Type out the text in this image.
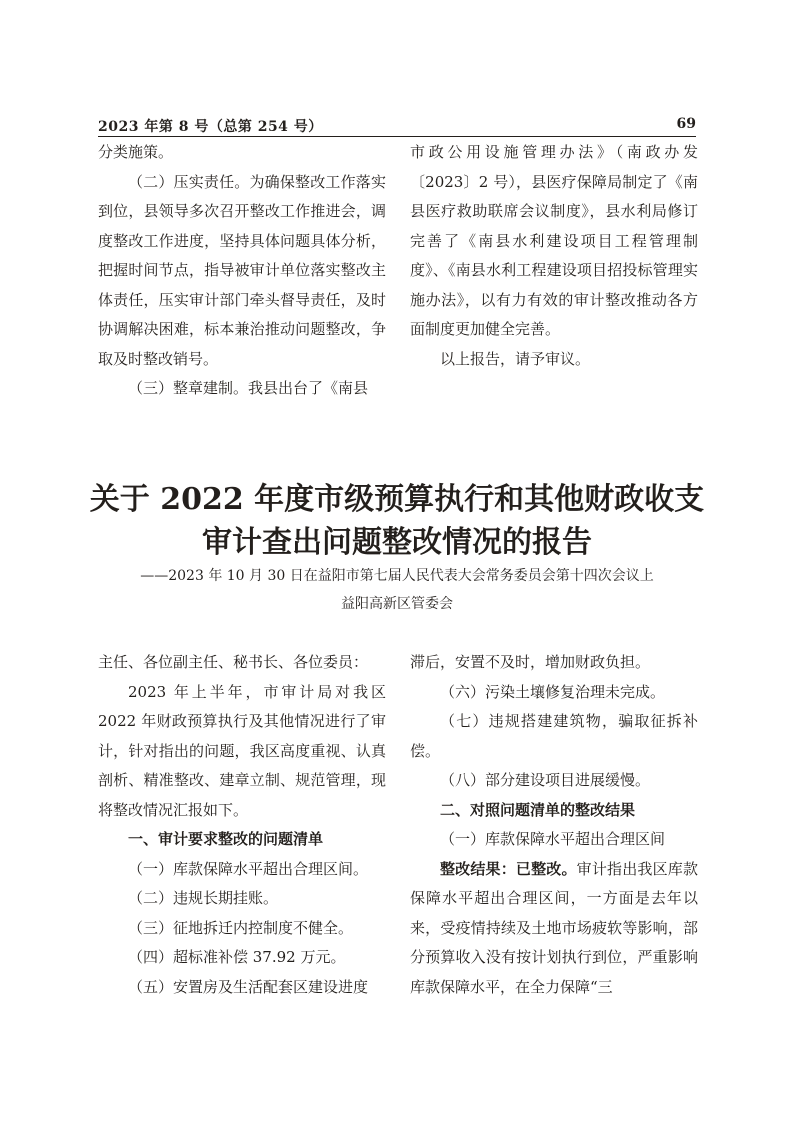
2023 年第 8 号（总第 254 号）	69

分类施策。

（二）压实责任。为确保整改工作落实到位，县领导多次召开整改工作推进会，调度整改工作进度，坚持具体问题具体分析，把握时间节点，指导被审计单位落实整改主体责任，压实审计部门牵头督导责任，及时协调解决困难，标本兼治推动问题整改，争取及时整改销号。

（三）整章建制。我县出台了《南县

市政公用设施管理办法》（南政办发〔2023〕2 号），县医疗保障局制定了《南县医疗救助联席会议制度》，县水利局修订完善了《南县水利建设项目工程管理制度》、《南县水利工程建设项目招投标管理实施办法》，以有力有效的审计整改推动各方面制度更加健全完善。

以上报告，请予审议。

关于 2022 年度市级预算执行和其他财政收支
审计查出问题整改情况的报告

——2023 年 10 月 30 日在益阳市第七届人民代表大会常务委员会第十四次会议上

益阳高新区管委会

主任、各位副主任、秘书长、各位委员：

2023 年上半年，市审计局对我区 2022 年财政预算执行及其他情况进行了审计，针对指出的问题，我区高度重视、认真剖析、精准整改、建章立制、规范管理，现将整改情况汇报如下。

一、审计要求整改的问题清单

（一）库款保障水平超出合理区间。

（二）违规长期挂账。

（三）征地拆迁内控制度不健全。

（四）超标准补偿 37.92 万元。

（五）安置房及生活配套区建设进度

滞后，安置不及时，增加财政负担。

（六）污染土壤修复治理未完成。

（七）违规搭建建筑物，骗取征拆补偿。

（八）部分建设项目进展缓慢。

二、对照问题清单的整改结果

（一）库款保障水平超出合理区间

整改结果：已整改。审计指出我区库款保障水平超出合理区间，一方面是去年以来，受疫情持续及土地市场疲软等影响，部分预算收入没有按计划执行到位，严重影响库款保障水平，在全力保障“三
